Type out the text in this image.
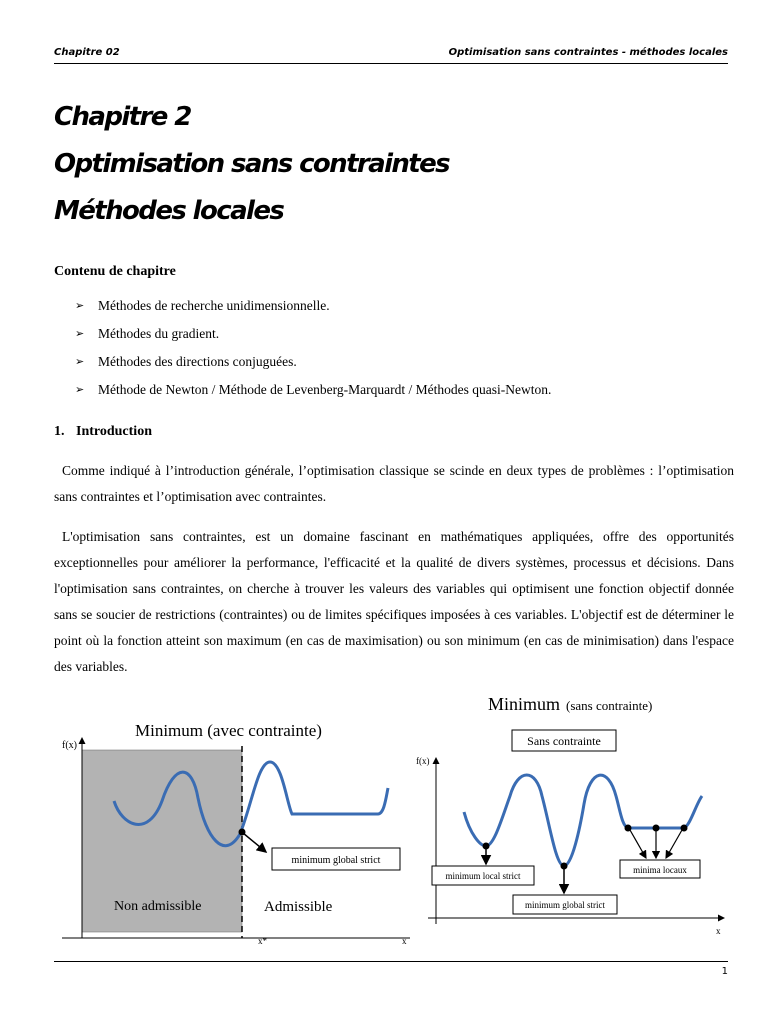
Chapitre 02	Optimisation sans contraintes - méthodes locales
Chapitre 2
Optimisation sans contraintes
Méthodes locales
Contenu de chapitre
➢ Méthodes de recherche unidimensionnelle.
➢ Méthodes du gradient.
➢ Méthodes des directions conjuguées.
➢ Méthode de Newton / Méthode de Levenberg-Marquardt / Méthodes quasi-Newton.
1. Introduction

Comme indiqué à l’introduction générale, l’optimisation classique se scinde en deux types de problèmes : l’optimisation sans contraintes et l’optimisation avec contraintes.

L'optimisation sans contraintes, est un domaine fascinant en mathématiques appliquées, offre des opportunités exceptionnelles pour améliorer la performance, l'efficacité et la qualité de divers systèmes, processus et décisions. Dans l'optimisation sans contraintes, on cherche à trouver les valeurs des variables qui optimisent une fonction objectif donnée sans se soucier de restrictions (contraintes) ou de limites spécifiques imposées à ces variables. L'objectif est de déterminer le point où la fonction atteint son maximum (en cas de maximisation) ou son minimum (en cas de minimisation) dans l'espace des variables.

minimum global strict
Minimum (avec contrainte)
f(x)
Non admissible	Admissible
x*	x
Minimum (sans contrainte)
Sans contrainte
f(x)
x
minimum local strict
minimum global strict
minima locaux
1
